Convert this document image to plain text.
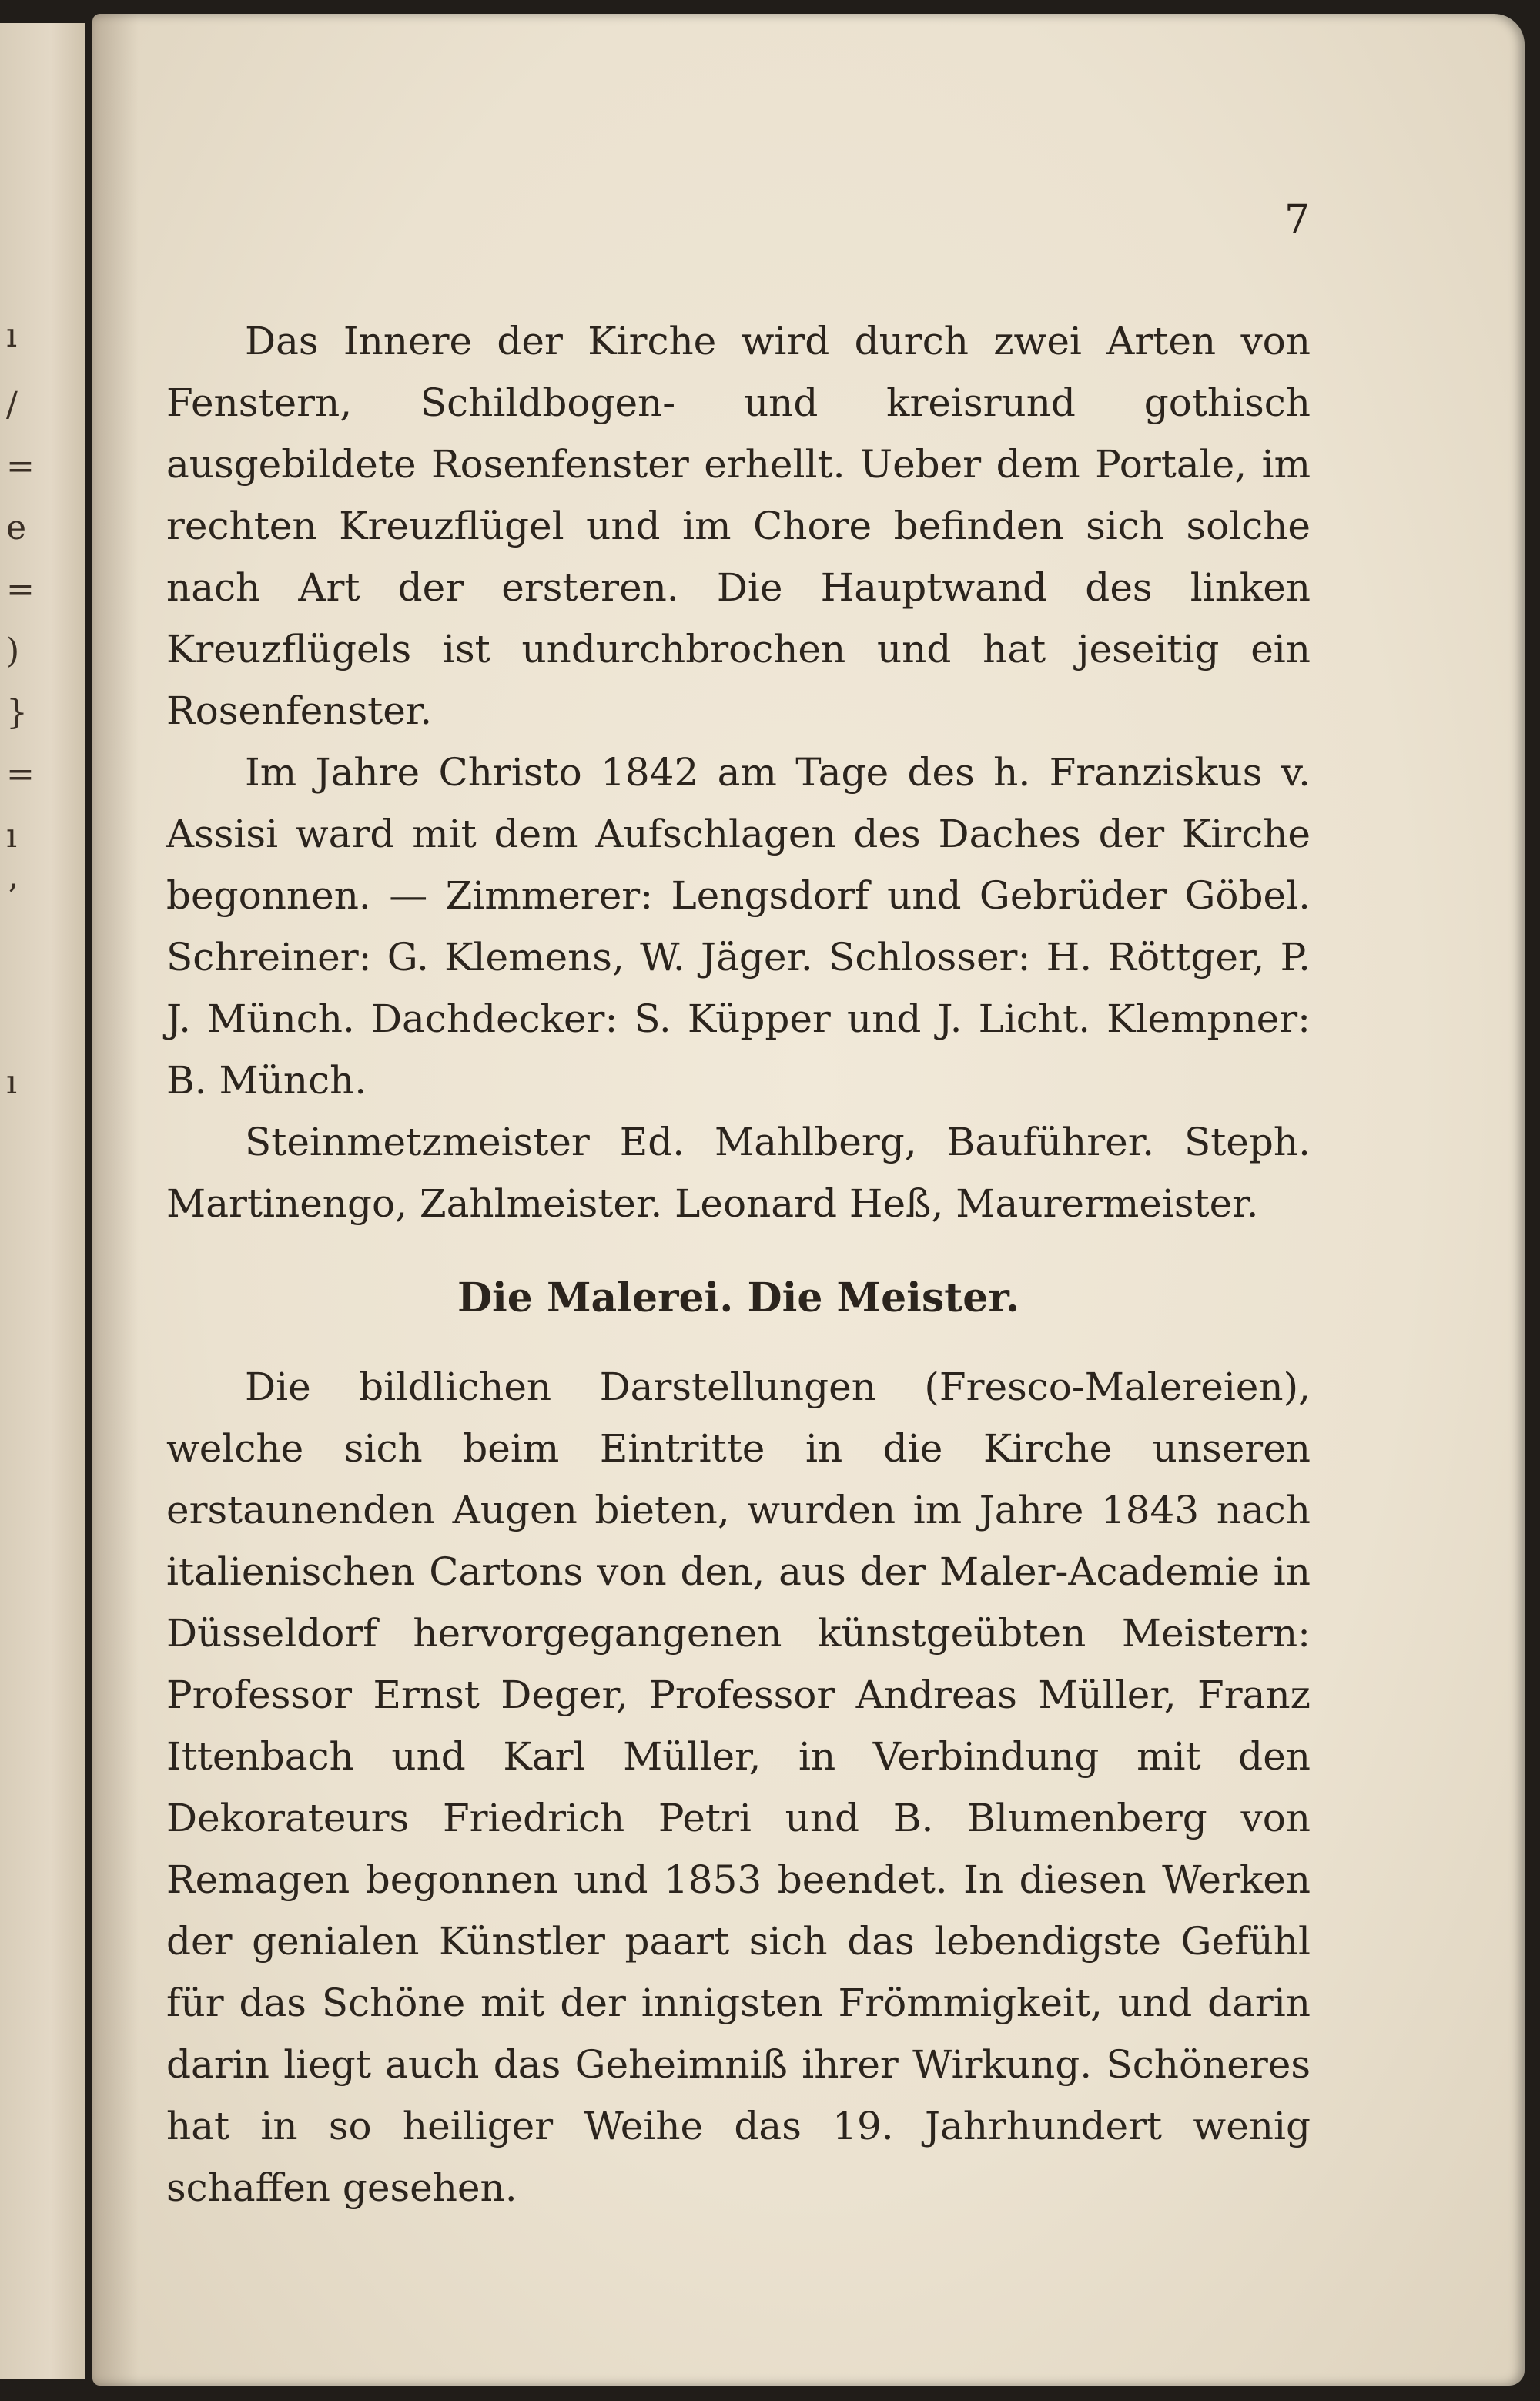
ı
/
=
e
=
)
}
=
ı
ʼ
ı
7

Das Innere der Kirche wird durch zwei Arten von Fenstern, Schildbogen- und kreisrund gothisch ausgebildete Rosenfenster erhellt. Ueber dem Portale, im rechten Kreuzflügel und im Chore befinden sich solche nach Art der ersteren. Die Hauptwand des linken Kreuzflügels ist undurchbrochen und hat jeseitig ein Rosenfenster.

Im Jahre Christo 1842 am Tage des h. Franziskus v. Assisi ward mit dem Aufschlagen des Daches der Kirche begonnen. — Zimmerer: Lengsdorf und Gebrüder Göbel. Schreiner: G. Klemens, W. Jäger. Schlosser: H. Röttger, P. J. Münch. Dachdecker: S. Küpper und J. Licht. Klempner: B. Münch.

Steinmetzmeister Ed. Mahlberg, Bauführer. Steph. Martinengo, Zahlmeister. Leonard Heß, Maurermeister.

Die Malerei. Die Meister.

Die bildlichen Darstellungen (Fresco-Malereien), welche sich beim Eintritte in die Kirche unseren erstaunenden Augen bieten, wurden im Jahre 1843 nach italienischen Cartons von den, aus der Maler-Academie in Düsseldorf hervorgegangenen künstgeübten Meistern: Professor Ernst Deger, Professor Andreas Müller, Franz Ittenbach und Karl Müller, in Verbindung mit den Dekorateurs Friedrich Petri und B. Blumenberg von Remagen begonnen und 1853 beendet. In diesen Werken der genialen Künstler paart sich das lebendigste Gefühl für das Schöne mit der innigsten Frömmigkeit, und darin darin liegt auch das Geheimniß ihrer Wirkung. Schöneres hat in so heiliger Weihe das 19. Jahrhundert wenig schaffen gesehen.
